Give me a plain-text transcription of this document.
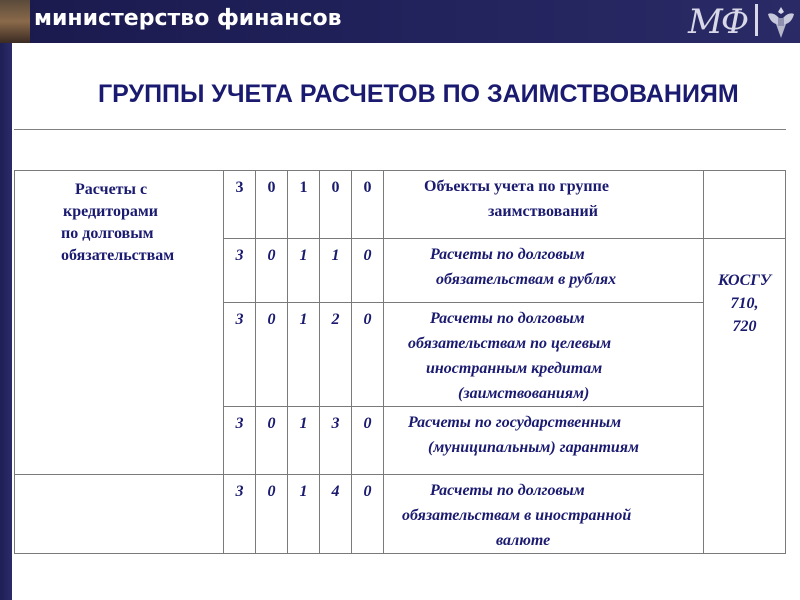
министерство финансов	МФ
ГРУППЫ УЧЕТА РАСЧЕТОВ ПО ЗАИМСТВОВАНИЯМ
Расчеты с
кредиторами
по долговым
обязательствам	3	0	1	0	0	Объекты учета по группе
заимствований	

	3	0	1	1	0	Расчеты по долговым
обязательствам в рублях	КОСГУ
710,
720

	3	0	1	2	0	Расчеты по долговым
обязательствам по целевым
иностранным кредитам
(заимствованиям)	

	3	0	1	3	0	Расчеты по государственным
(муниципальным) гарантиям	

	3	0	1	4	0	Расчеты по долговым
обязательствам в иностранной
валюте	
